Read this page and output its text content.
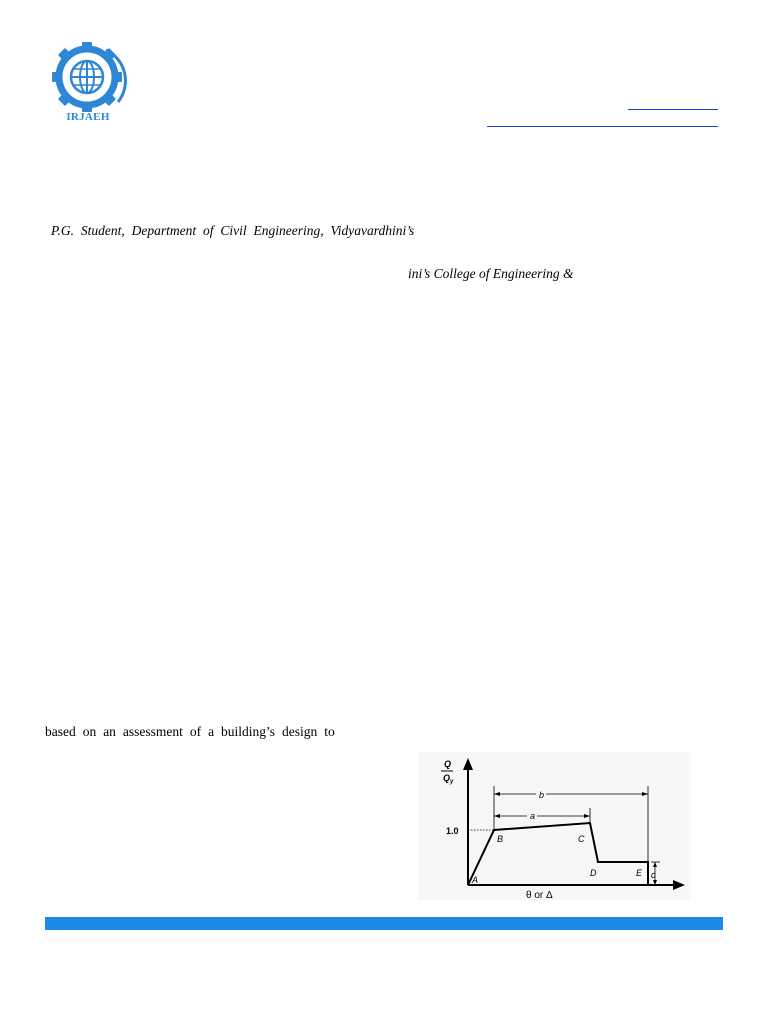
IRJAEH
P.G. Student, Department of Civil Engineering, Vidyavardhini’s
ini’s College of Engineering &
based on an assessment of a building’s design to
Q
Q y
1.0
A
B	C
D	E
b
a
c
θ or Δ
